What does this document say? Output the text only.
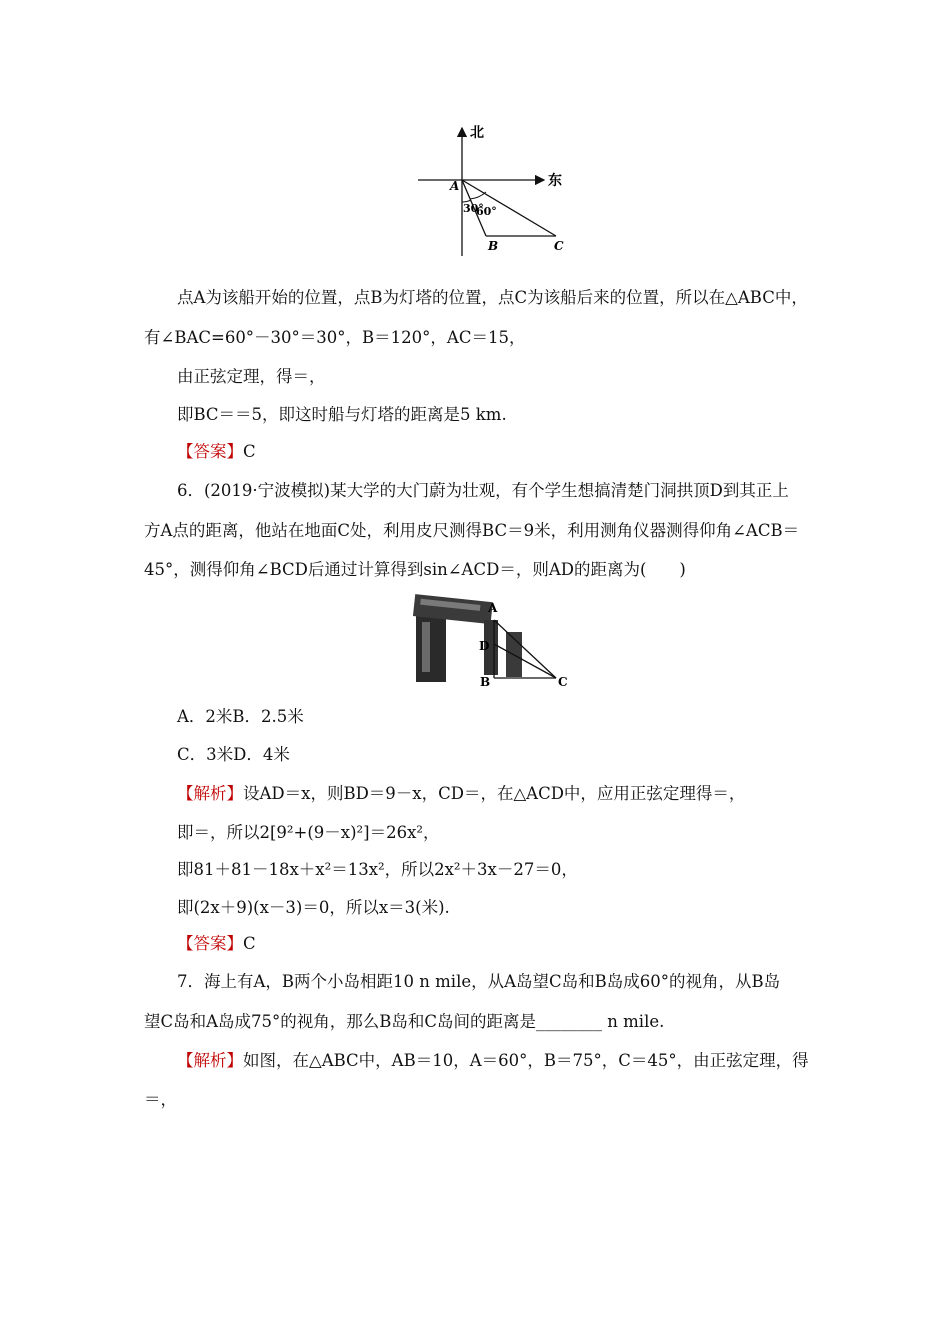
北
东
A
B	C
30°
60°
点A为该船开始的位置，点B为灯塔的位置，点C为该船后来的位置，所以在△ABC中，
有∠BAC=60°－30°＝30°，B＝120°，AC＝15，
由正弦定理，得＝，
即BC＝＝5，即这时船与灯塔的距离是5 km.
【答案】C
6．(2019·宁波模拟)某大学的大门蔚为壮观，有个学生想搞清楚门洞拱顶D到其正上
方A点的距离，他站在地面C处，利用皮尺测得BC＝9米，利用测角仪器测得仰角∠ACB＝
45°，测得仰角∠BCD后通过计算得到sin∠ACD＝，则AD的距离为(　　)
A
D
B	C
A．2米B．2.5米
C．3米D．4米
【解析】设AD＝x，则BD＝9－x，CD＝，在△ACD中，应用正弦定理得＝，
即＝，所以2[9²+(9－x)²]＝26x²，
即81＋81－18x＋x²＝13x²，所以2x²＋3x－27＝0，
即(2x＋9)(x－3)＝0，所以x＝3(米).
【答案】C
7．海上有A，B两个小岛相距10 n mile，从A岛望C岛和B岛成60°的视角，从B岛
望C岛和A岛成75°的视角，那么B岛和C岛间的距离是________ n mile.
【解析】如图，在△ABC中，AB＝10，A＝60°，B＝75°，C＝45°，由正弦定理，得
＝，
